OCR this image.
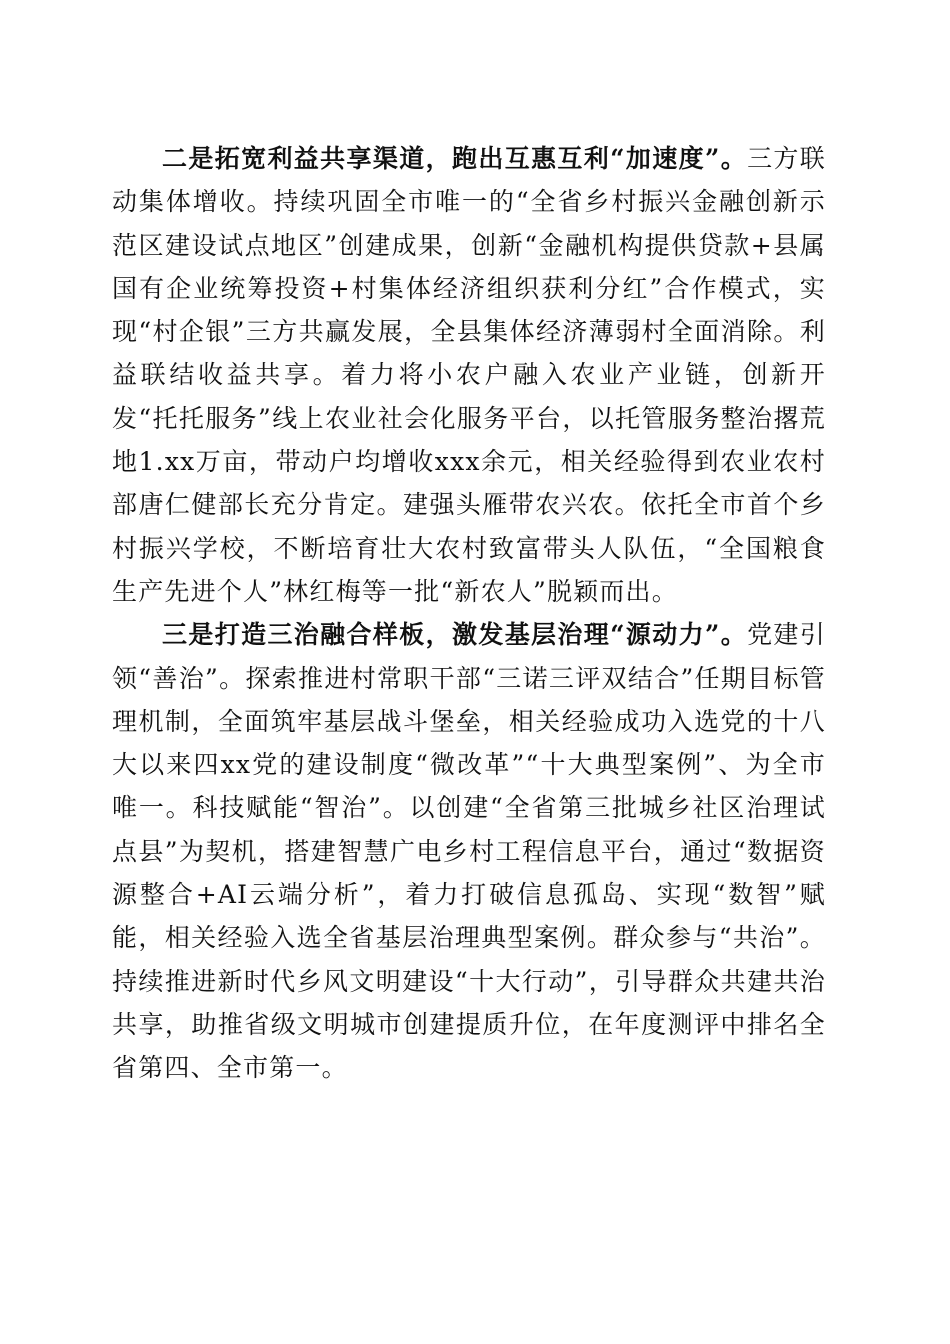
二是拓宽利益共享渠道，跑出互惠互利“加速度”。三方联动集体增收。持续巩固全市唯一的“全省乡村振兴金融创新示范区建设试点地区”创建成果，创新“金融机构提供贷款+县属国有企业统筹投资+村集体经济组织获利分红”合作模式，实现“村企银”三方共赢发展，全县集体经济薄弱村全面消除。利益联结收益共享。着力将小农户融入农业产业链，创新开发“托托服务”线上农业社会化服务平台，以托管服务整治撂荒地1.xx万亩，带动户均增收xxx余元，相关经验得到农业农村部唐仁健部长充分肯定。建强头雁带农兴农。依托全市首个乡村振兴学校，不断培育壮大农村致富带头人队伍，“全国粮食生产先进个人”林红梅等一批“新农人”脱颖而出。

三是打造三治融合样板，激发基层治理“源动力”。党建引领“善治”。探索推进村常职干部“三诺三评双结合”任期目标管理机制，全面筑牢基层战斗堡垒，相关经验成功入选党的十八大以来四xx党的建设制度“微改革”“十大典型案例”、为全市唯一。科技赋能“智治”。以创建“全省第三批城乡社区治理试点县”为契机，搭建智慧广电乡村工程信息平台，通过“数据资源整合+AI云端分析”，着力打破信息孤岛、实现“数智”赋能，相关经验入选全省基层治理典型案例。群众参与“共治”。持续推进新时代乡风文明建设“十大行动”，引导群众共建共治共享，助推省级文明城市创建提质升位，在年度测评中排名全省第四、全市第一。
